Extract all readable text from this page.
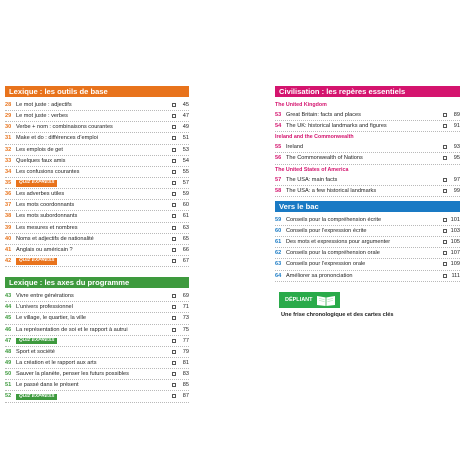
Lexique : les outils de base
28 Le mot juste : adjectifs	45
29 Le mot juste : verbes	47
30 Verbe + nom : combinaisons courantes	49
31 Make et do : différences d’emploi	51
32 Les emplois de get	53
33 Quelques faux amis	54
34 Les confusions courantes	55
35	QUIZ EXPRESS	57
36 Les adverbes utiles	59
37 Les mots coordonnants	60
38 Les mots subordonnants	61
39 Les mesures et nombres	63
40 Noms et adjectifs de nationalité	65
41 Anglais ou américain ?	66
42	QUIZ EXPRESS	67
Lexique : les axes du programme
43 Vivre entre générations	69
44 L’univers professionnel	71
45 Le village, le quartier, la ville	73
46 La représentation de soi et le rapport à autrui	75
47	QUIZ EXPRESS	77
48 Sport et société	79
49 La création et le rapport aux arts	81
50 Sauver la planète, penser les futurs possibles	83
51 Le passé dans le présent	85
52	QUIZ EXPRESS	87
Civilisation : les repères essentiels
The United Kingdom
53 Great Britain: facts and places	89
54 The UK: historical landmarks and figures	91
Ireland and the Commonwealth
55 Ireland	93
56 The Commonwealth of Nations	95
The United States of America
57 The USA: main facts	97
58 The USA: a few historical landmarks	99
Vers le bac
59 Conseils pour la compréhension écrite	101
60 Conseils pour l’expression écrite	103
61 Des mots et expressions pour argumenter	105
62 Conseils pour la compréhension orale	107
63 Conseils pour l’expression orale	109
64 Améliorer sa prononciation	111
DÉPLIANT
Une frise chronologique et des cartes clés
